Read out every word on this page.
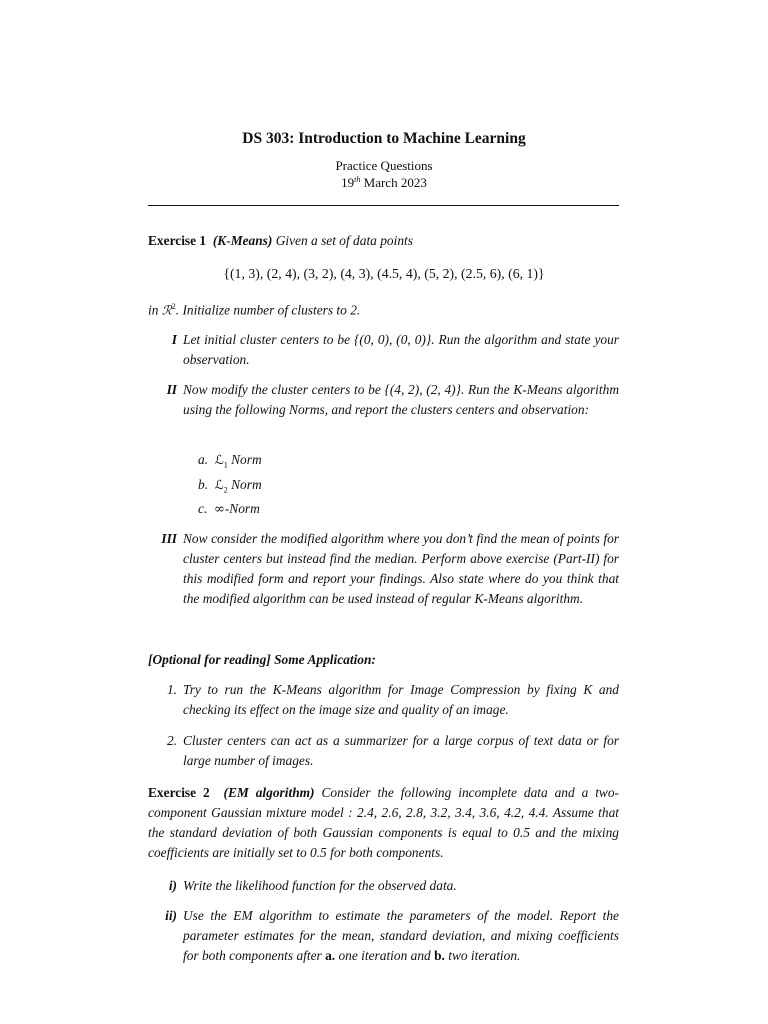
DS 303: Introduction to Machine Learning
Practice Questions
19th March 2023
Exercise 1 (K-Means) Given a set of data points
{(1, 3), (2, 4), (3, 2), (4, 3), (4.5, 4), (5, 2), (2.5, 6), (6, 1)}
in ℛ$^2$. Initialize number of clusters to 2.
I Let initial cluster centers to be {(0, 0), (0, 0)}. Run the algorithm and state your observation.
II Now modify the cluster centers to be {(4, 2), (2, 4)}. Run the K-Means algorithm using the following Norms, and report the clusters centers and observation:
a. ℒ$_1$ Norm
b. ℒ$_2$ Norm
c. ∞-Norm
III Now consider the modified algorithm where you don’t find the mean of points for cluster centers but instead find the median. Perform above exercise (Part-II) for this modified form and report your findings. Also state where do you think that the modified algorithm can be used instead of regular K-Means algorithm.
[Optional for reading] Some Application:
1. Try to run the K-Means algorithm for Image Compression by fixing K and checking its effect on the image size and quality of an image.
2. Cluster centers can act as a summarizer for a large corpus of text data or for large number of images.
Exercise 2 (EM algorithm) Consider the following incomplete data and a two-component Gaussian mixture model : 2.4, 2.6, 2.8, 3.2, 3.4, 3.6, 4.2, 4.4. Assume that the standard deviation of both Gaussian components is equal to 0.5 and the mixing coefficients are initially set to 0.5 for both components.
i) Write the likelihood function for the observed data.
ii) Use the EM algorithm to estimate the parameters of the model. Report the parameter estimates for the mean, standard deviation, and mixing coefficients for both components after a. one iteration and b. two iteration.
